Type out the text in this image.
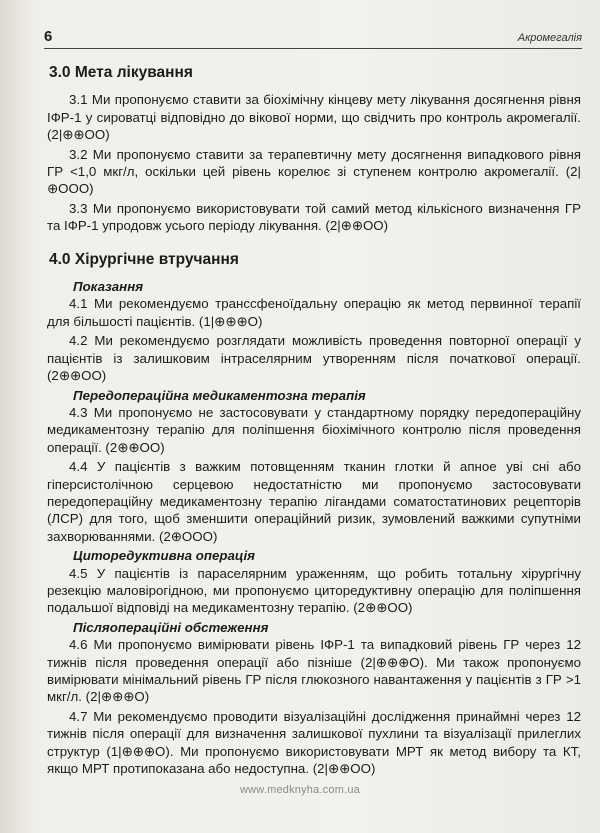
6	Акромегалія
3.0 Мета лікування

3.1 Ми пропонуємо ставити за біохімічну кінцеву мету лікування досягнення рівня ІФР-1 у сироватці відповідно до вікової норми, що свідчить про контроль акромегалії. (2|⊕⊕OO)

3.2 Ми пропонуємо ставити за терапевтичну мету досягнення випадкового рівня ГР <1,0 мкг/л, оскільки цей рівень корелює зі ступенем контролю акромегалії. (2|⊕OOO)

3.3 Ми пропонуємо використовувати той самий метод кількісного визначення ГР та ІФР-1 упродовж усього періоду лікування. (2|⊕⊕OO)

4.0 Хірургічне втручання
Показання

4.1 Ми рекомендуємо транссфеноїдальну операцію як метод первинної терапії для більшості пацієнтів. (1|⊕⊕⊕O)

4.2 Ми рекомендуємо розглядати можливість проведення повторної операції у пацієнтів із залишковим інтраселярним утворенням після початкової операції. (2⊕⊕OO)

Передопераційна медикаментозна терапія

4.3 Ми пропонуємо не застосовувати у стандартному порядку передопераційну медикаментозну терапію для поліпшення біохімічного контролю після проведення операції. (2⊕⊕OO)

4.4 У пацієнтів з важким потовщенням тканин глотки й апное уві сні або гіперсистолічною серцевою недостатністю ми пропонуємо застосовувати передопераційну медикаментозну терапію лігандами соматостатинових рецепторів (ЛСР) для того, щоб зменшити операційний ризик, зумовлений важкими супутніми захворюваннями. (2⊕OOO)

Циторедуктивна операція

4.5 У пацієнтів із параселярним ураженням, що робить тотальну хірургічну резекцію маловірогідною, ми пропонуємо циторедуктивну операцію для поліпшення подальшої відповіді на медикаментозну терапію. (2⊕⊕OO)

Післяопераційні обстеження

4.6 Ми пропонуємо вимірювати рівень ІФР-1 та випадковий рівень ГР через 12 тижнів після проведення операції або пізніше (2|⊕⊕⊕O). Ми також пропонуємо вимірювати мінімальний рівень ГР після глюкозного навантаження у пацієнтів з ГР >1 мкг/л. (2|⊕⊕⊕O)

4.7 Ми рекомендуємо проводити візуалізаційні дослідження принаймні через 12 тижнів після операції для визначення залишкової пухлини та візуалізації прилеглих структур (1|⊕⊕⊕O). Ми пропонуємо використовувати МРТ як метод вибору та КТ, якщо МРТ протипоказана або недоступна. (2|⊕⊕OO)

www.medknyha.com.ua
